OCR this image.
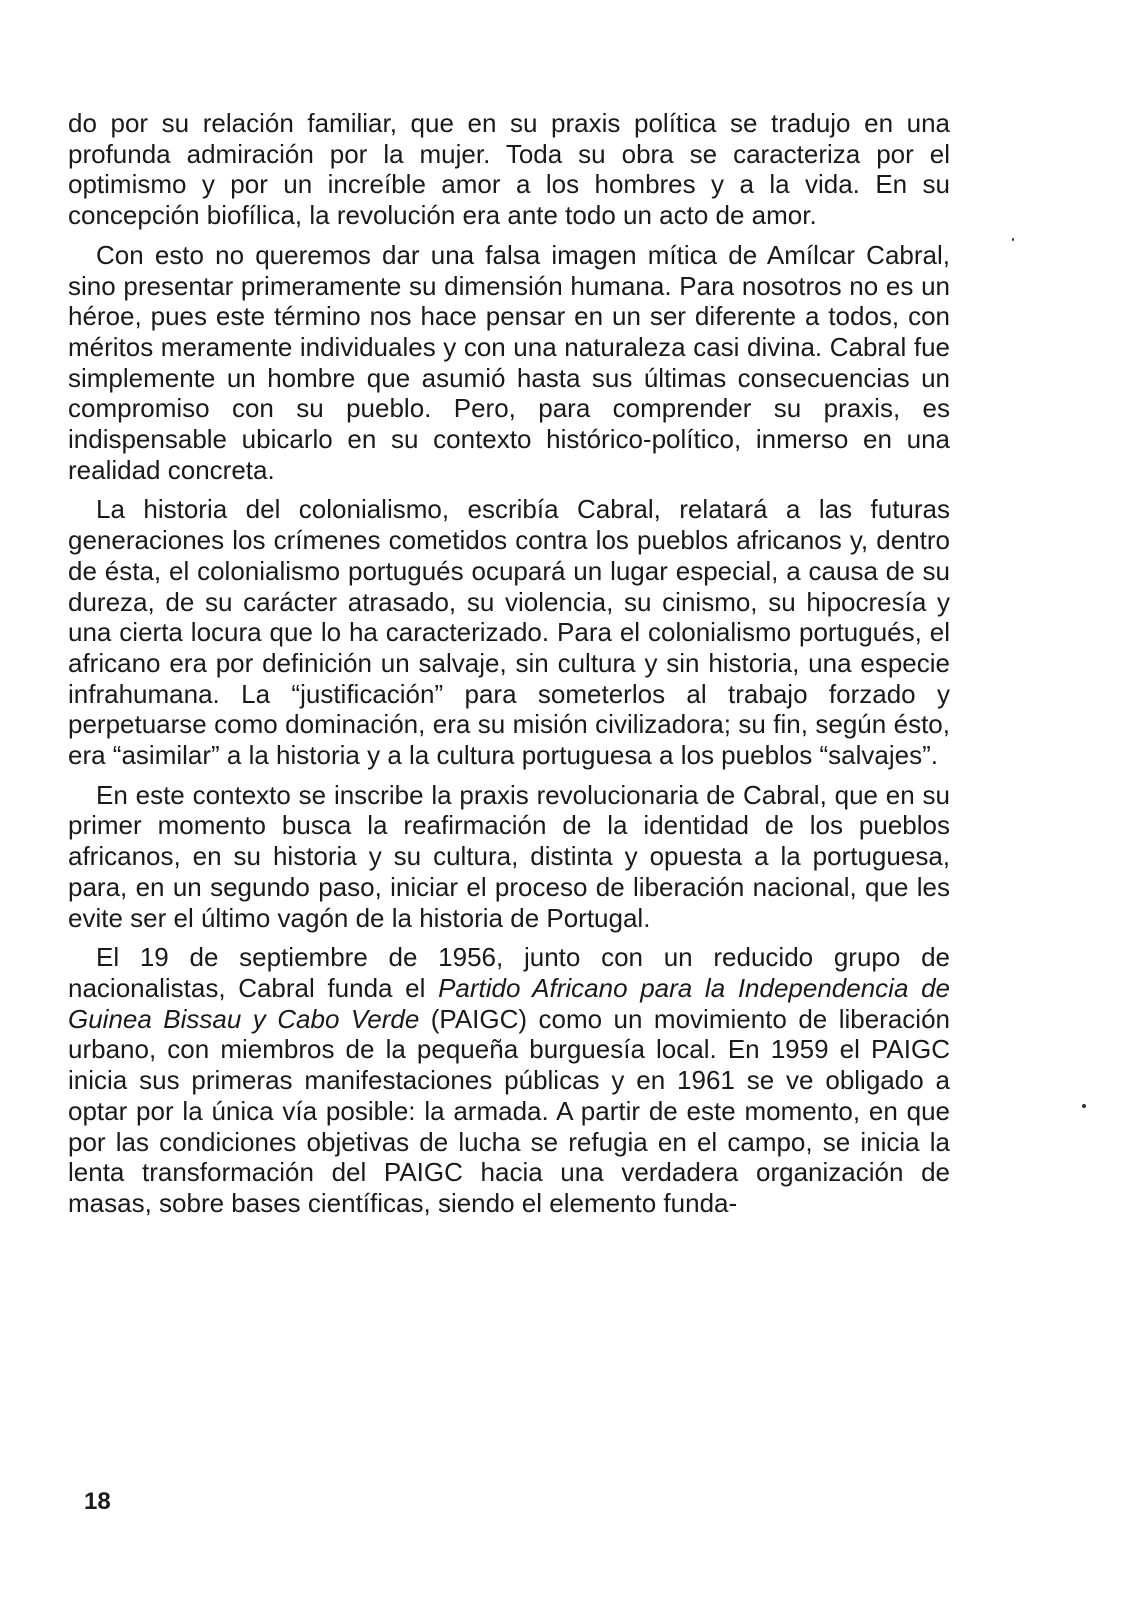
do por su relación familiar, que en su praxis política se tradujo en una profunda admiración por la mujer. Toda su obra se caracteriza por el optimismo y por un increíble amor a los hombres y a la vida. En su concepción biofílica, la revolución era ante todo un acto de amor.

Con esto no queremos dar una falsa imagen mítica de Amílcar Cabral, sino presentar primeramente su dimensión humana. Para nosotros no es un héroe, pues este término nos hace pensar en un ser diferente a todos, con méritos meramente individuales y con una naturaleza casi divina. Cabral fue simplemente un hombre que asumió hasta sus últimas consecuencias un compromiso con su pueblo. Pero, para comprender su praxis, es indispensable ubicarlo en su contexto histórico-político, inmerso en una realidad concreta.

La historia del colonialismo, escribía Cabral, relatará a las futuras generaciones los crímenes cometidos contra los pueblos africanos y, dentro de ésta, el colonialismo portugués ocupará un lugar especial, a causa de su dureza, de su carácter atrasado, su violencia, su cinismo, su hipocresía y una cierta locura que lo ha caracterizado. Para el colonialismo portugués, el africano era por definición un salvaje, sin cultura y sin historia, una especie infrahumana. La “justificación” para someterlos al trabajo forzado y perpetuarse como dominación, era su misión civilizadora; su fin, según ésto, era “asimilar” a la historia y a la cultura portuguesa a los pueblos “salvajes”.

En este contexto se inscribe la praxis revolucionaria de Cabral, que en su primer momento busca la reafirmación de la identidad de los pueblos africanos, en su historia y su cultura, distinta y opuesta a la portuguesa, para, en un segundo paso, iniciar el proceso de liberación nacional, que les evite ser el último vagón de la historia de Portugal.

El 19 de septiembre de 1956, junto con un reducido grupo de nacionalistas, Cabral funda el Partido Africano para la Independencia de Guinea Bissau y Cabo Verde (PAIGC) como un movimiento de liberación urbano, con miembros de la pequeña burguesía local. En 1959 el PAIGC inicia sus primeras manifestaciones públicas y en 1961 se ve obligado a optar por la única vía posible: la armada. A partir de este momento, en que por las condiciones objetivas de lucha se refugia en el campo, se inicia la lenta transformación del PAIGC hacia una verdadera organización de masas, sobre bases científicas, siendo el elemento funda-

18
